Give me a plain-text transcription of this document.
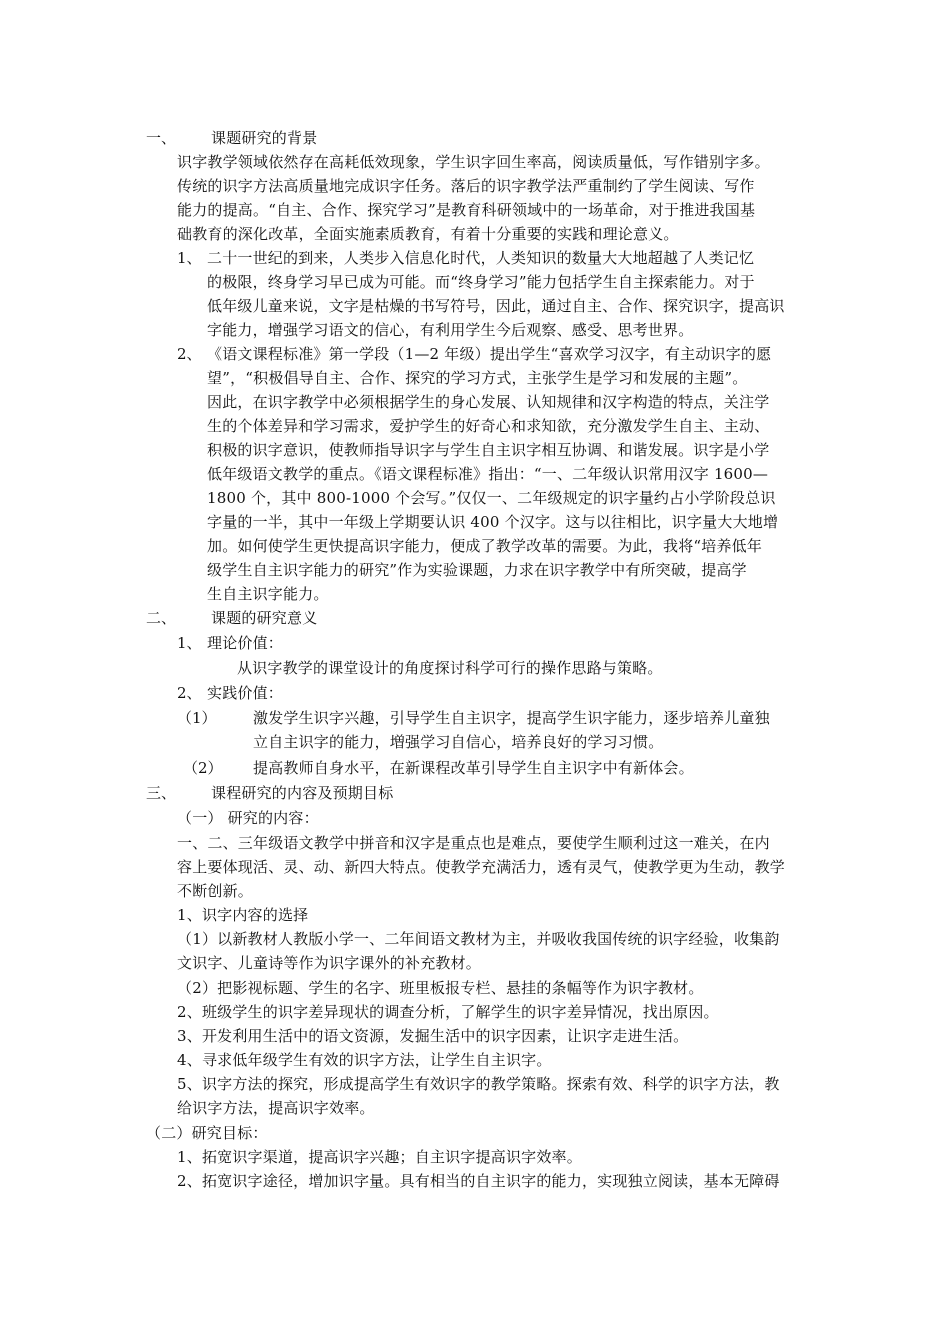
一、 课题研究的背景
识字教学领域依然存在高耗低效现象，学生识字回生率高，阅读质量低，写作错别字多。
传统的识字方法高质量地完成识字任务。落后的识字教学法严重制约了学生阅读、写作
能力的提高。“自主、合作、探究学习”是教育科研领域中的一场革命，对于推进我国基
础教育的深化改革，全面实施素质教育，有着十分重要的实践和理论意义。
1、 二十一世纪的到来，人类步入信息化时代，人类知识的数量大大地超越了人类记忆
的极限，终身学习早已成为可能。而“终身学习”能力包括学生自主探索能力。对于
低年级儿童来说，文字是枯燥的书写符号，因此，通过自主、合作、探究识字，提高识
字能力，增强学习语文的信心，有利用学生今后观察、感受、思考世界。
2、 《语文课程标准》第一学段（1—2 年级）提出学生“喜欢学习汉字，有主动识字的愿
望”，“积极倡导自主、合作、探究的学习方式，主张学生是学习和发展的主题”。
因此，在识字教学中必须根据学生的身心发展、认知规律和汉字构造的特点，关注学
生的个体差异和学习需求，爱护学生的好奇心和求知欲，充分激发学生自主、主动、
积极的识字意识，使教师指导识字与学生自主识字相互协调、和谐发展。识字是小学
低年级语文教学的重点。《语文课程标准》指出：“一、二年级认识常用汉字 1600—
1800 个，其中 800-1000 个会写。”仅仅一、二年级规定的识字量约占小学阶段总识
字量的一半，其中一年级上学期要认识 400 个汉字。这与以往相比，识字量大大地增
加。如何使学生更快提高识字能力，便成了教学改革的需要。为此，我将“培养低年
级学生自主识字能力的研究”作为实验课题，力求在识字教学中有所突破，提高学
生自主识字能力。
二、 课题的研究意义
1、 理论价值：
从识字教学的课堂设计的角度探讨科学可行的操作思路与策略。
2、 实践价值：
（1） 激发学生识字兴趣，引导学生自主识字，提高学生识字能力，逐步培养儿童独
立自主识字的能力，増强学习自信心，培养良好的学习习惯。
（2） 提高教师自身水平，在新课程改革引导学生自主识字中有新体会。
三、 课程研究的内容及预期目标
（一） 研究的内容：
一、二、三年级语文教学中拼音和汉字是重点也是难点，要使学生顺利过这一难关，在内
容上要体现活、灵、动、新四大特点。使教学充满活力，透有灵气，使教学更为生动，教学
不断创新。
1、识字内容的选择
（1）以新教材人教版小学一、二年间语文教材为主，并吸收我国传统的识字经验，收集韵
文识字、儿童诗等作为识字课外的补充教材。
（2）把影视标题、学生的名字、班里板报专栏、悬挂的条幅等作为识字教材。
2、班级学生的识字差异现状的调查分析，了解学生的识字差异情况，找出原因。
3、开发利用生活中的语文资源，发掘生活中的识字因素，让识字走进生活。
4、寻求低年级学生有效的识字方法，让学生自主识字。
5、识字方法的探究，形成提高学生有效识字的教学策略。探索有效、科学的识字方法，教
给识字方法，提高识字效率。
（二）研究目标：
1、拓宽识字渠道，提高识字兴趣；自主识字提高识字效率。
2、拓宽识字途径，增加识字量。具有相当的自主识字的能力，实现独立阅读，基本无障碍
